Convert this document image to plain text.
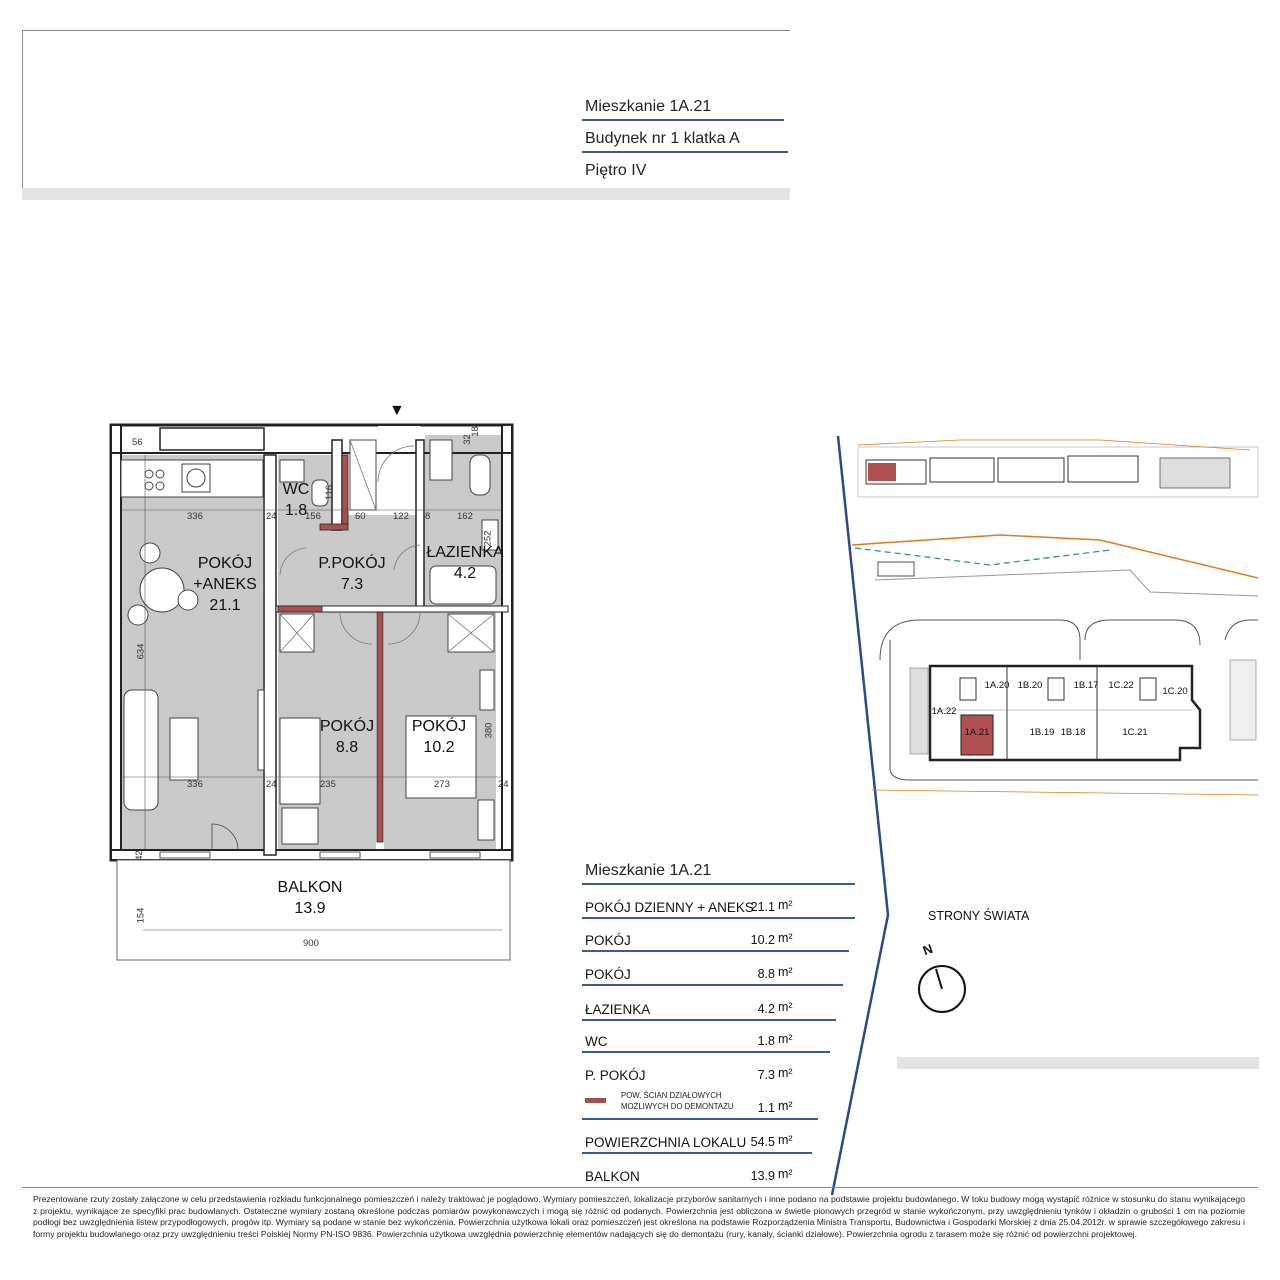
Mieszkanie 1A.21
Budynek nr 1 klatka A
Piętro IV
▼
POKÓJ
+ANEKS
21.1
WC
1.8
P.POKÓJ
7.3
ŁAZIENKA
4.2
POKÓJ
8.8
POKÓJ
10.2
BALKON
13.9
56
116
32
18
336	24	156	60	122 8	162
252
634
380
336	24	235	273	24
42
154
900
Mieszkanie 1A.21
POKÓJ DZIENNY + ANEKS
21.1 m²
POKÓJ	10.2 m²
POKÓJ	8.8 m²
ŁAZIENKA	4.2 m²
WC	1.8 m²
P. POKÓJ	7.3 m²
POW. ŚCIAN DZIAŁOWYCH
MOŻLIWYCH DO DEMONTAŻU	1.1 m²
POWIERZCHNIA LOKALU 54.5 m²
BALKON	13.9 m²
1A.20 1B.20	1B.17 1C.22
1C.20
1A.22
1A.21	1B.19 1B.18	1C.21
STRONY ŚWIATA
N
Prezentowane rzuty zostały załączone w celu przedstawienia rozkładu funkcjonalnego pomieszczeń i należy traktować je poglądowo. Wymiary pomieszczeń, lokalizacje przyborów sanitarnych i inne podano na podstawie projektu budowlanego. W toku budowy mogą wystąpić różnice w stosunku do stanu wynikającego z projektu, wynikające ze specyfiki prac budowlanych. Ostateczne wymiary zostaną określone podczas pomiarów powykonawczych i mogą się różnić od podanych. Powierzchnia jest obliczona w świetle pionowych przegród w stanie wykończonym, przy uwzględnieniu tynków i okładzin o grubości 1 cm na poziomie podłogi bez uwzględnienia listew przypodłogowych, progów itp. Wymiary są podane w stanie bez wykończenia. Powierzchnia użytkowa lokali oraz pomieszczeń jest określona na podstawie Rozporządzenia Ministra Transportu, Budownictwa i Gospodarki Morskiej z dnia 25.04.2012r. w sprawie szczegółowego zakresu i formy projektu budowlanego oraz przy uwzględnieniu treści Polskiej Normy PN-ISO 9836. Powierzchnia użytkowa uwzględnia powierzchnię elementów nadających się do demontażu (rury, kanały, ścianki działowe). Powierzchnia ogrodu z tarasem może się różnić od powierzchni projektowej.
